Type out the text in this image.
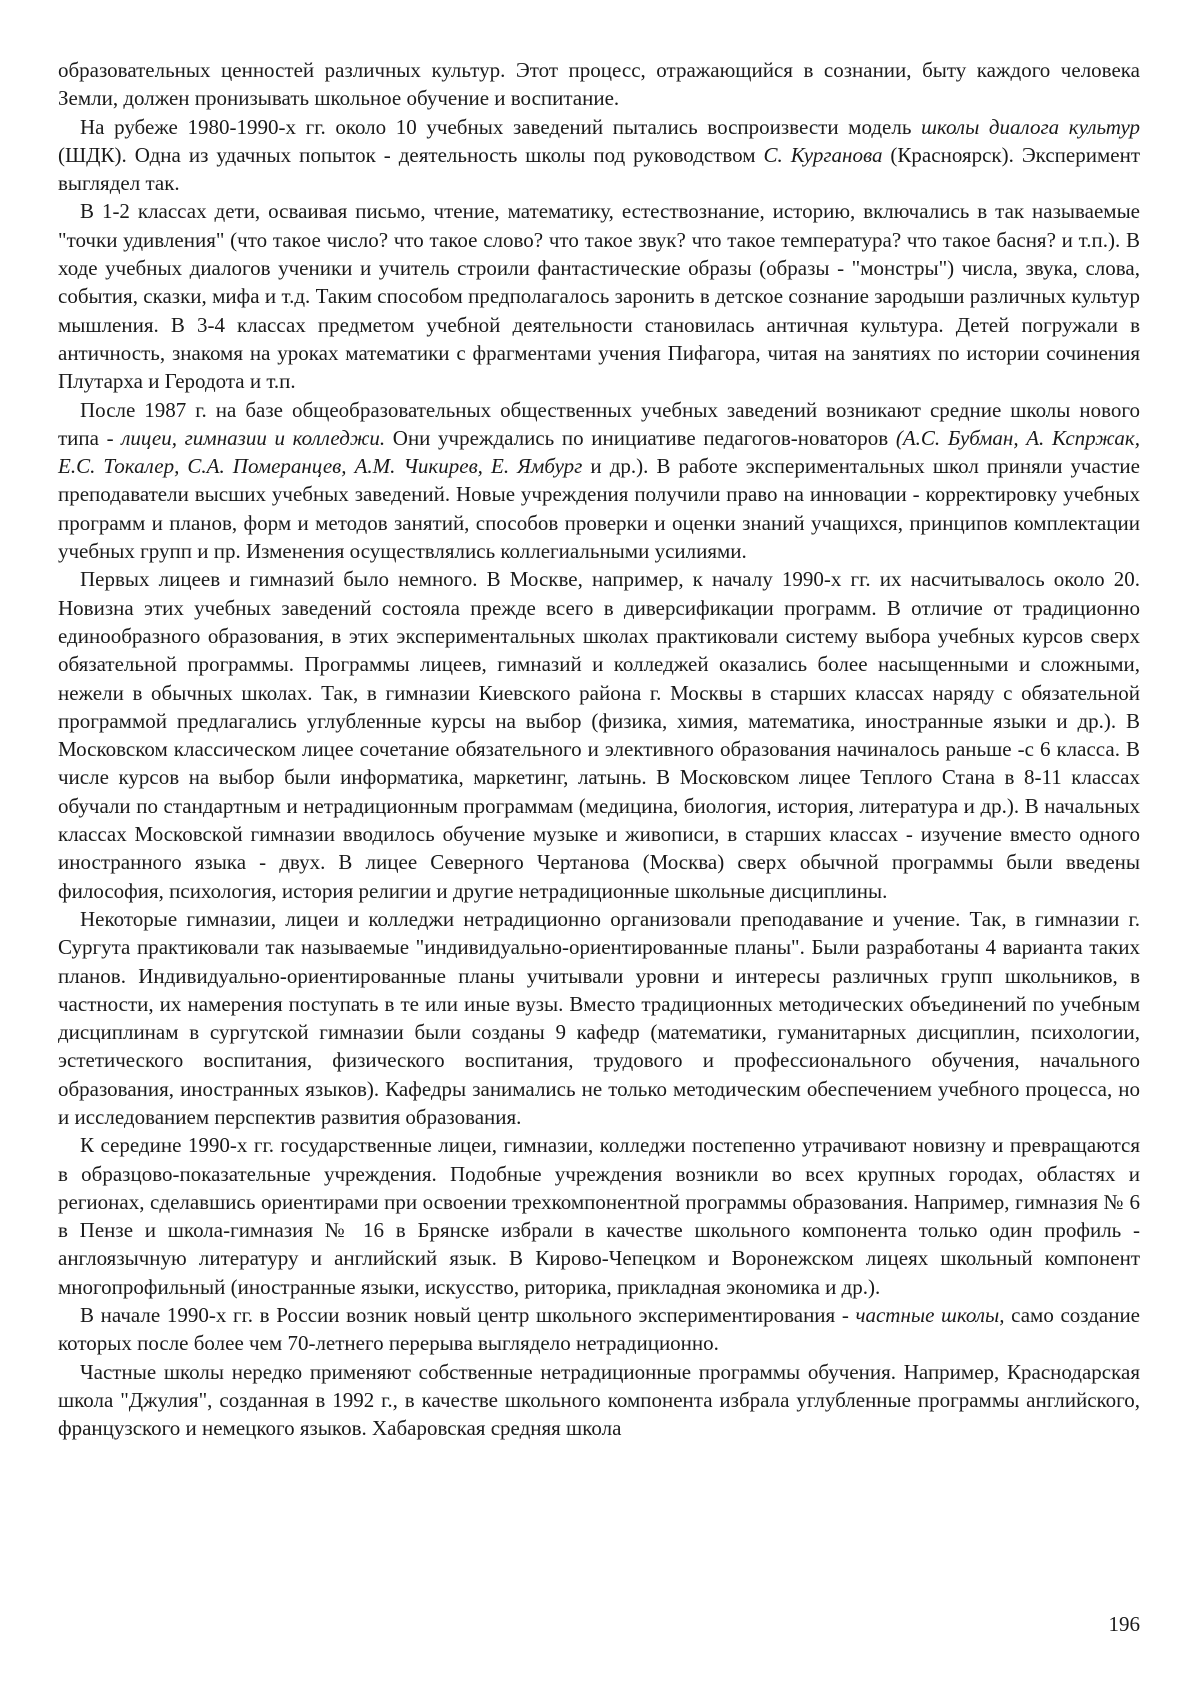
образовательных ценностей различных культур. Этот процесс, отражающийся в сознании, быту каждого человека Земли, должен пронизывать школьное обучение и воспитание.

На рубеже 1980-1990-х гг. около 10 учебных заведений пытались воспроизвести модель школы диалога культур (ШДК). Одна из удачных попыток - деятельность школы под руководством С. Курганова (Красноярск). Эксперимент выглядел так.

В 1-2 классах дети, осваивая письмо, чтение, математику, естествознание, историю, включались в так называемые "точки удивления" (что такое число? что такое слово? что такое звук? что такое температура? что такое басня? и т.п.). В ходе учебных диалогов ученики и учитель строили фантастические образы (образы - "монстры") числа, звука, слова, события, сказки, мифа и т.д. Таким способом предполагалось заронить в детское сознание зародыши различных культур мышления. В 3-4 классах предметом учебной деятельности становилась античная культура. Детей погружали в античность, знакомя на уроках математики с фрагментами учения Пифагора, читая на занятиях по истории сочинения Плутарха и Геродота и т.п.

После 1987 г. на базе общеобразовательных общественных учебных заведений возникают средние школы нового типа - лицеи, гимназии и колледжи. Они учреждались по инициативе педагогов-новаторов (А.С. Бубман, А. Кспржак, Е.С. Токалер, С.А. Померанцев, А.М. Чикирев, Е. Ямбург и др.). В работе экспериментальных школ приняли участие преподаватели высших учебных заведений. Новые учреждения получили право на инновации - корректировку учебных программ и планов, форм и методов занятий, способов проверки и оценки знаний учащихся, принципов комплектации учебных групп и пр. Изменения осуществлялись коллегиальными усилиями.

Первых лицеев и гимназий было немного. В Москве, например, к началу 1990-х гг. их насчитывалось около 20. Новизна этих учебных заведений состояла прежде всего в диверсификации программ. В отличие от традиционно единообразного образования, в этих экспериментальных школах практиковали систему выбора учебных курсов сверх обязательной программы. Программы лицеев, гимназий и колледжей оказались более насыщенными и сложными, нежели в обычных школах. Так, в гимназии Киевского района г. Москвы в старших классах наряду с обязательной программой предлагались углубленные курсы на выбор (физика, химия, математика, иностранные языки и др.). В Московском классическом лицее сочетание обязательного и элективного образования начиналось раньше -с 6 класса. В числе курсов на выбор были информатика, маркетинг, латынь. В Московском лицее Теплого Стана в 8-11 классах обучали по стандартным и нетрадиционным программам (медицина, биология, история, литература и др.). В начальных классах Московской гимназии вводилось обучение музыке и живописи, в старших классах - изучение вместо одного иностранного языка - двух. В лицее Северного Чертанова (Москва) сверх обычной программы были введены философия, психология, история религии и другие нетрадиционные школьные дисциплины.

Некоторые гимназии, лицеи и колледжи нетрадиционно организовали преподавание и учение. Так, в гимназии г. Сургута практиковали так называемые "индивидуально-ориентированные планы". Были разработаны 4 варианта таких планов. Индивидуально-ориентированные планы учитывали уровни и интересы различных групп школьников, в частности, их намерения поступать в те или иные вузы. Вместо традиционных методических объединений по учебным дисциплинам в сургутской гимназии были созданы 9 кафедр (математики, гуманитарных дисциплин, психологии, эстетического воспитания, физического воспитания, трудового и профессионального обучения, начального образования, иностранных языков). Кафедры занимались не только методическим обеспечением учебного процесса, но и исследованием перспектив развития образования.

К середине 1990-х гг. государственные лицеи, гимназии, колледжи постепенно утрачивают новизну и превращаются в образцово-показательные учреждения. Подобные учреждения возникли во всех крупных городах, областях и регионах, сделавшись ориентирами при освоении трехкомпонентной программы образования. Например, гимназия № 6 в Пензе и школа-гимназия № 16 в Брянске избрали в качестве школьного компонента только один профиль - англоязычную литературу и английский язык. В Кирово-Чепецком и Воронежском лицеях школьный компонент многопрофильный (иностранные языки, искусство, риторика, прикладная экономика и др.).

В начале 1990-х гг. в России возник новый центр школьного экспериментирования - частные школы, само создание которых после более чем 70-летнего перерыва выглядело нетрадиционно.

Частные школы нередко применяют собственные нетрадиционные программы обучения. Например, Краснодарская школа "Джулия", созданная в 1992 г., в качестве школьного компонента избрала углубленные программы английского, французского и немецкого языков. Хабаровская средняя школа

196
